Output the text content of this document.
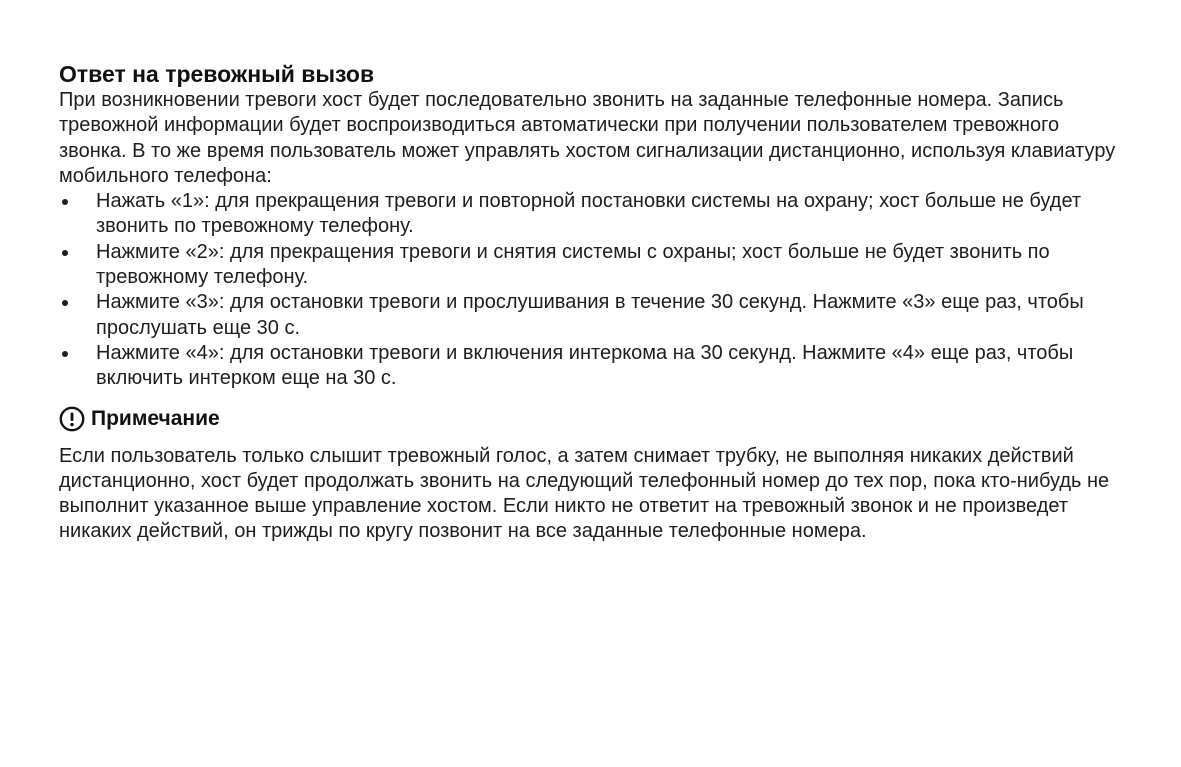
Ответ на тревожный вызов

При возникновении тревоги хост будет последовательно звонить на заданные телефонные номера. Запись тревожной информации будет воспроизводиться автоматически при получении пользователем тревожного звонка. В то же время пользователь может управлять хостом сигнализации дистанционно, используя клавиатуру мобильного телефона:

Нажать «1»: для прекращения тревоги и повторной постановки системы на охрану; хост больше не будет звонить по тревожному телефону.
Нажмите «2»: для прекращения тревоги и снятия системы с охраны; хост больше не будет звонить по тревожному телефону.
Нажмите «3»: для остановки тревоги и прослушивания в течение 30 секунд. Нажмите «3» еще раз, чтобы прослушать еще 30 с.
Нажмите «4»: для остановки тревоги и включения интеркома на 30 секунд. Нажмите «4» еще раз, чтобы включить интерком еще на 30 с.
Примечание

Если пользователь только слышит тревожный голос, а затем снимает трубку, не выполняя никаких действий дистанционно, хост будет продолжать звонить на следующий телефонный номер до тех пор, пока кто-нибудь не выполнит указанное выше управление хостом. Если никто не ответит на тревожный звонок и не произведет никаких действий, он трижды по кругу позвонит на все заданные телефонные номера.
